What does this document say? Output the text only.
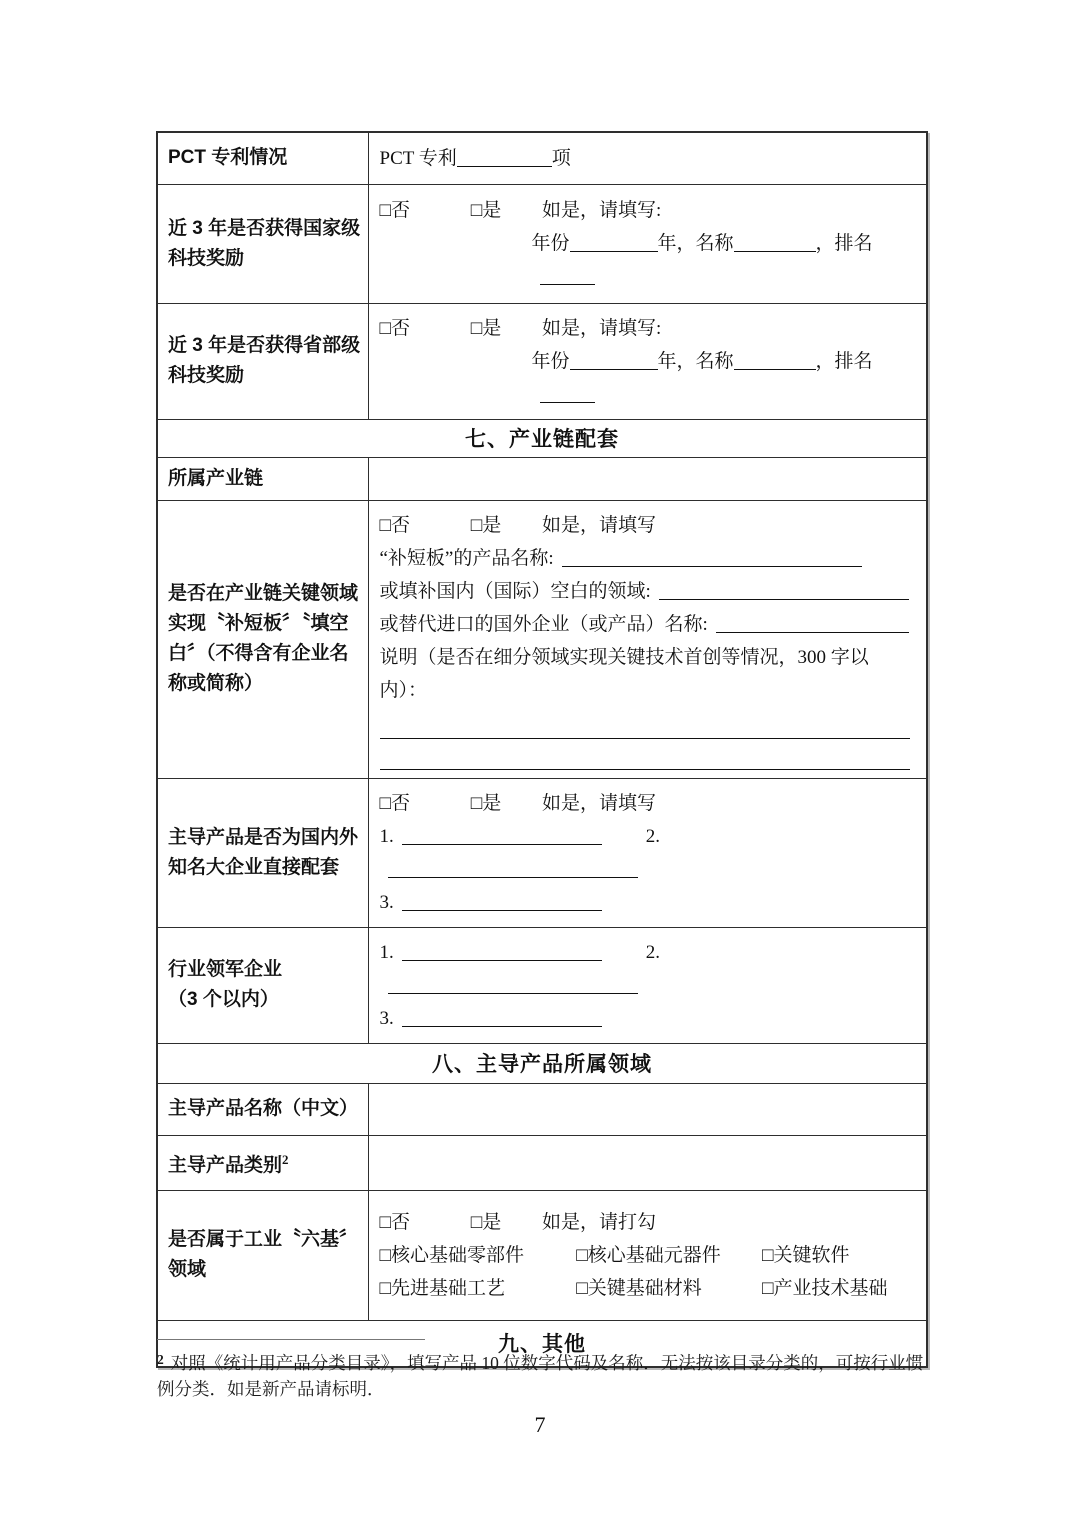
PCT 专利情况	PCT 专利 项
近 3 年是否获得国家级科技奖励	□否 □是 如是，请填写:
年份 年，名称 ，排名

近 3 年是否获得省部级科技奖励	□否 □是 如是，请填写:
年份 年，名称 ，排名

七、产业链配套	
所属产业链	
是否在产业链关键领域实现〝补短板〞〝填空白〞（不得含有企业名称或简称）	□否 □是 如是，请填写
“补短板”的产品名称:
或填补国内（国际）空白的领域:
或替代进口的国外企业（或产品）名称:
说明（是否在细分领域实现关键技术首创等情况，300 字以内）：

主导产品是否为国内外知名大企业直接配套	□否 □是 如是，请填写
1. 2.
3.

行业领军企业
（3 个以内）	
1.	2.
3.

八、主导产品所属领域	
主导产品名称（中文）	
主导产品类别$^2$	
是否属于工业〝六基〞领域	□否 □是 如是，请打勾
□核心基础零部件 □核心基础元器件 □关键软件
□先进基础工艺 □关键基础材料 □产业技术基础

九、其他	
$^2$ 对照《统计用产品分类目录》，填写产品 10 位数字代码及名称．无法按该目录分类的，可按行业惯例分类．如是新产品请标明．
7
